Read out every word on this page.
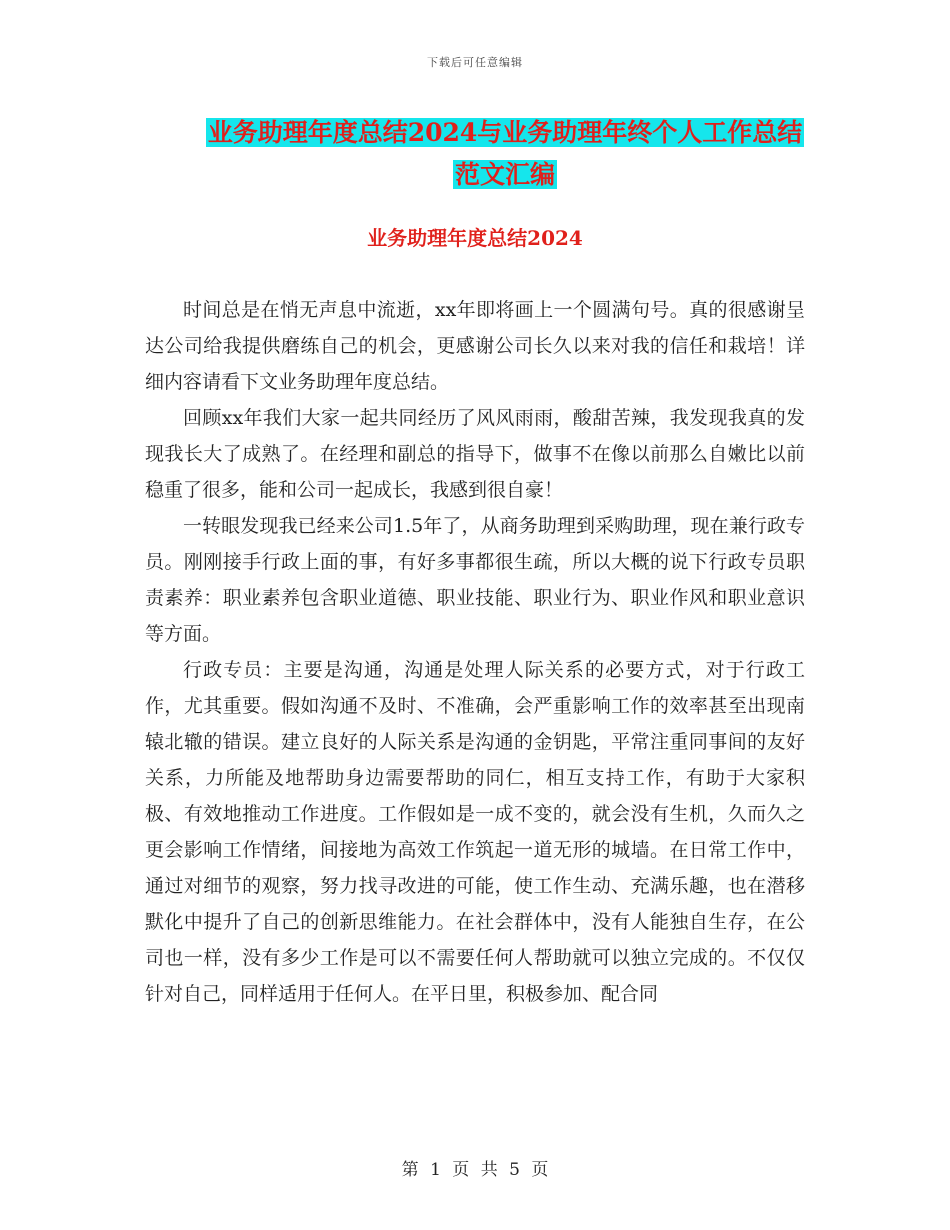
下载后可任意编辑
业务助理年度总结2024与业务助理年终个人工作总结
范文汇编
业务助理年度总结2024

时间总是在悄无声息中流逝，xx年即将画上一个圆满句号。真的很感谢呈达公司给我提供磨练自己的机会，更感谢公司长久以来对我的信任和栽培！详细内容请看下文业务助理年度总结。

回顾xx年我们大家一起共同经历了风风雨雨，酸甜苦辣，我发现我真的发现我长大了成熟了。在经理和副总的指导下，做事不在像以前那么自嫩比以前稳重了很多，能和公司一起成长，我感到很自豪！

一转眼发现我已经来公司1.5年了，从商务助理到采购助理，现在兼行政专员。刚刚接手行政上面的事，有好多事都很生疏，所以大概的说下行政专员职责素养：职业素养包含职业道德、职业技能、职业行为、职业作风和职业意识等方面。

行政专员：主要是沟通，沟通是处理人际关系的必要方式，对于行政工作，尤其重要。假如沟通不及时、不准确，会严重影响工作的效率甚至出现南辕北辙的错误。建立良好的人际关系是沟通的金钥匙，平常注重同事间的友好关系，力所能及地帮助身边需要帮助的同仁，相互支持工作，有助于大家积极、有效地推动工作进度。工作假如是一成不变的，就会没有生机，久而久之更会影响工作情绪，间接地为高效工作筑起一道无形的城墙。在日常工作中，通过对细节的观察，努力找寻改进的可能，使工作生动、充满乐趣，也在潜移默化中提升了自己的创新思维能力。在社会群体中，没有人能独自生存，在公司也一样，没有多少工作是可以不需要任何人帮助就可以独立完成的。不仅仅针对自己，同样适用于任何人。在平日里，积极参加、配合同

第 1 页 共 5 页
